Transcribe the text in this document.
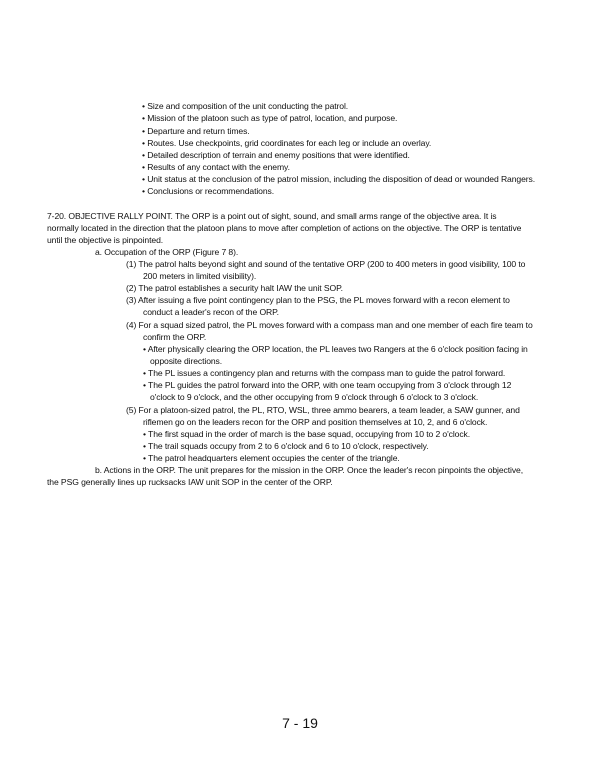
• Size and composition of the unit conducting the patrol.
• Mission of the platoon such as type of patrol, location, and purpose.
• Departure and return times.
• Routes. Use checkpoints, grid coordinates for each leg or include an overlay.
• Detailed description of terrain and enemy positions that were identified.
• Results of any contact with the enemy.
• Unit status at the conclusion of the patrol mission, including the disposition of dead or wounded Rangers.
• Conclusions or recommendations.
7-20. OBJECTIVE RALLY POINT. The ORP is a point out of sight, sound, and small arms range of the objective area. It is
normally located in the direction that the platoon plans to move after completion of actions on the objective. The ORP is tentative
until the objective is pinpointed.
a. Occupation of the ORP (Figure 7 8).
(1) The patrol halts beyond sight and sound of the tentative ORP (200 to 400 meters in good visibility, 100 to
200 meters in limited visibility).
(2) The patrol establishes a security halt IAW the unit SOP.
(3) After issuing a five point contingency plan to the PSG, the PL moves forward with a recon element to
conduct a leader's recon of the ORP.
(4) For a squad sized patrol, the PL moves forward with a compass man and one member of each fire team to
confirm the ORP.
• After physically clearing the ORP location, the PL leaves two Rangers at the 6 o'clock position facing in
opposite directions.
• The PL issues a contingency plan and returns with the compass man to guide the patrol forward.
• The PL guides the patrol forward into the ORP, with one team occupying from 3 o'clock through 12
o'clock to 9 o'clock, and the other occupying from 9 o'clock through 6 o'clock to 3 o'clock.
(5) For a platoon-sized patrol, the PL, RTO, WSL, three ammo bearers, a team leader, a SAW gunner, and
riflemen go on the leaders recon for the ORP and position themselves at 10, 2, and 6 o'clock.
• The first squad in the order of march is the base squad, occupying from 10 to 2 o'clock.
• The trail squads occupy from 2 to 6 o'clock and 6 to 10 o'clock, respectively.
• The patrol headquarters element occupies the center of the triangle.
b. Actions in the ORP. The unit prepares for the mission in the ORP. Once the leader's recon pinpoints the objective,
the PSG generally lines up rucksacks IAW unit SOP in the center of the ORP.
7 - 19
